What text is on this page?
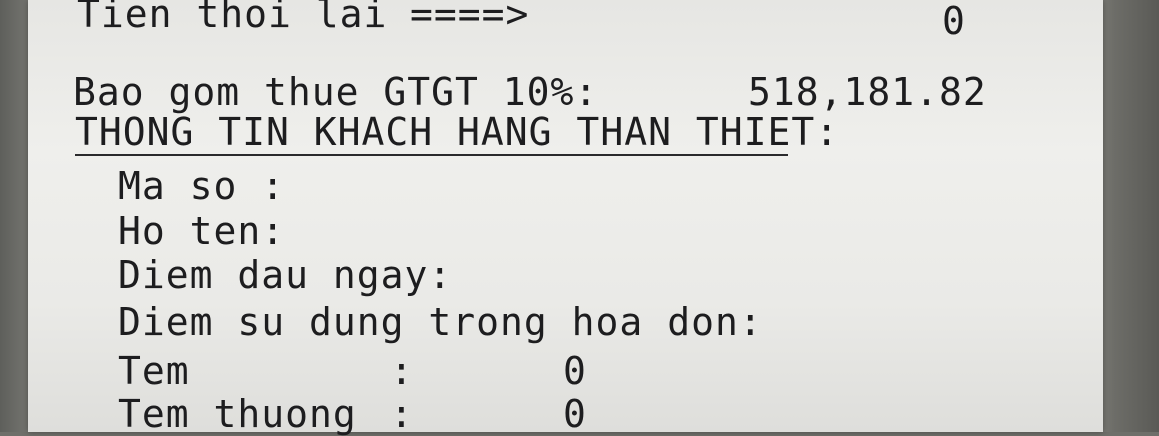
Tien thoi lai ====>	0
Bao gom thue GTGT 10%:	518,181.82
THONG TIN KHACH HANG THAN THIET:
Ma so :
Ho ten:
Diem dau ngay:
Diem su dung trong hoa don:
Tem	:	0
Tem thuong :	0
